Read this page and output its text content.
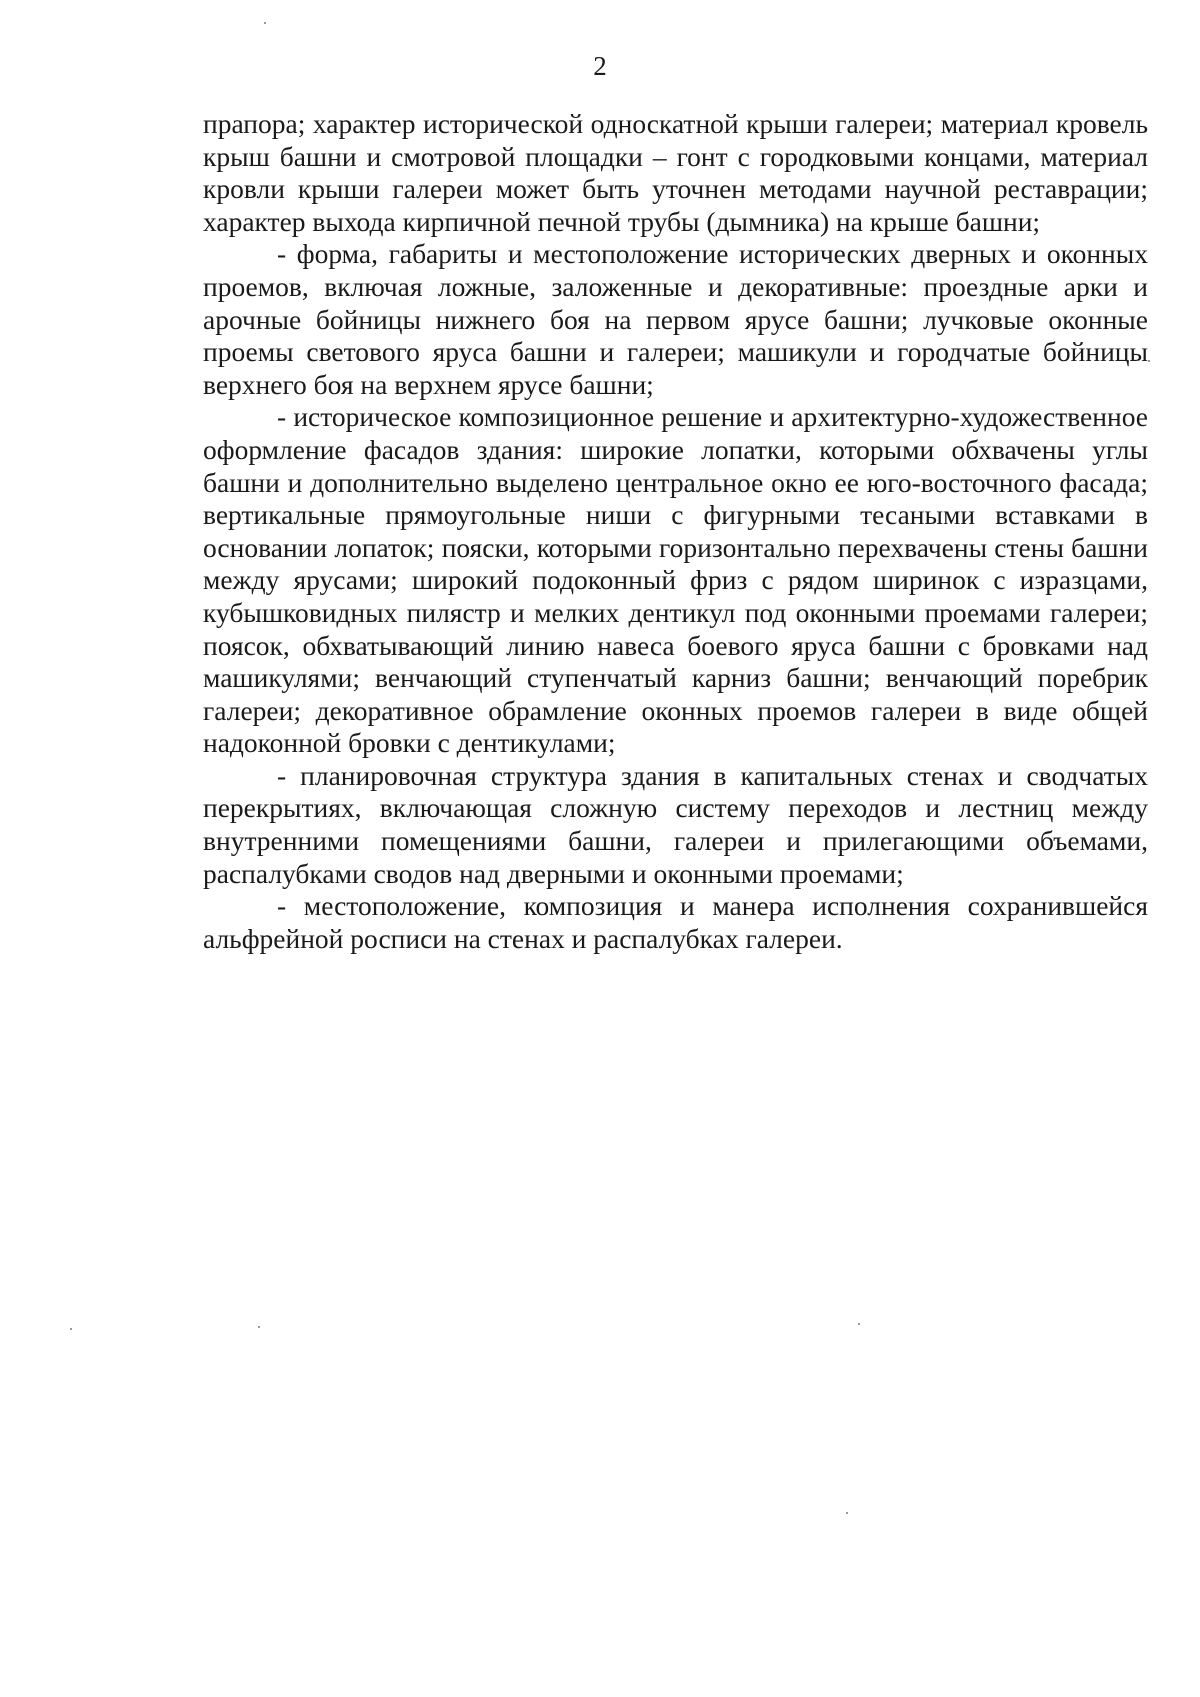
2

прапора; характер исторической односкатной крыши галереи; материал кровель крыш башни и смотровой площадки – гонт с городковыми концами, материал кровли крыши галереи может быть уточнен методами научной реставрации; характер выхода кирпичной печной трубы (дымника) на крыше башни;

- форма, габариты и местоположение исторических дверных и оконных проемов, включая ложные, заложенные и декоративные: проездные арки и арочные бойницы нижнего боя на первом ярусе башни; лучковые оконные проемы светового яруса башни и галереи; машикули и городчатые бойницы верхнего боя на верхнем ярусе башни;

- историческое композиционное решение и архитектурно-художественное оформление фасадов здания: широкие лопатки, которыми обхвачены углы башни и дополнительно выделено центральное окно ее юго-восточного фасада; вертикальные прямоугольные ниши с фигурными тесаными вставками в основании лопаток; пояски, которыми горизонтально перехвачены стены башни между ярусами; широкий подоконный фриз с рядом ширинок с изразцами, кубышковидных пилястр и мелких дентикул под оконными проемами галереи; поясок, обхватывающий линию навеса боевого яруса башни с бровками над машикулями; венчающий ступенчатый карниз башни; венчающий поребрик галереи; декоративное обрамление оконных проемов галереи в виде общей надоконной бровки с дентикулами;

- планировочная структура здания в капитальных стенах и сводчатых перекрытиях, включающая сложную систему переходов и лестниц между внутренними помещениями башни, галереи и прилегающими объемами, распалубками сводов над дверными и оконными проемами;

- местоположение, композиция и манера исполнения сохранившейся альфрейной росписи на стенах и распалубках галереи.
